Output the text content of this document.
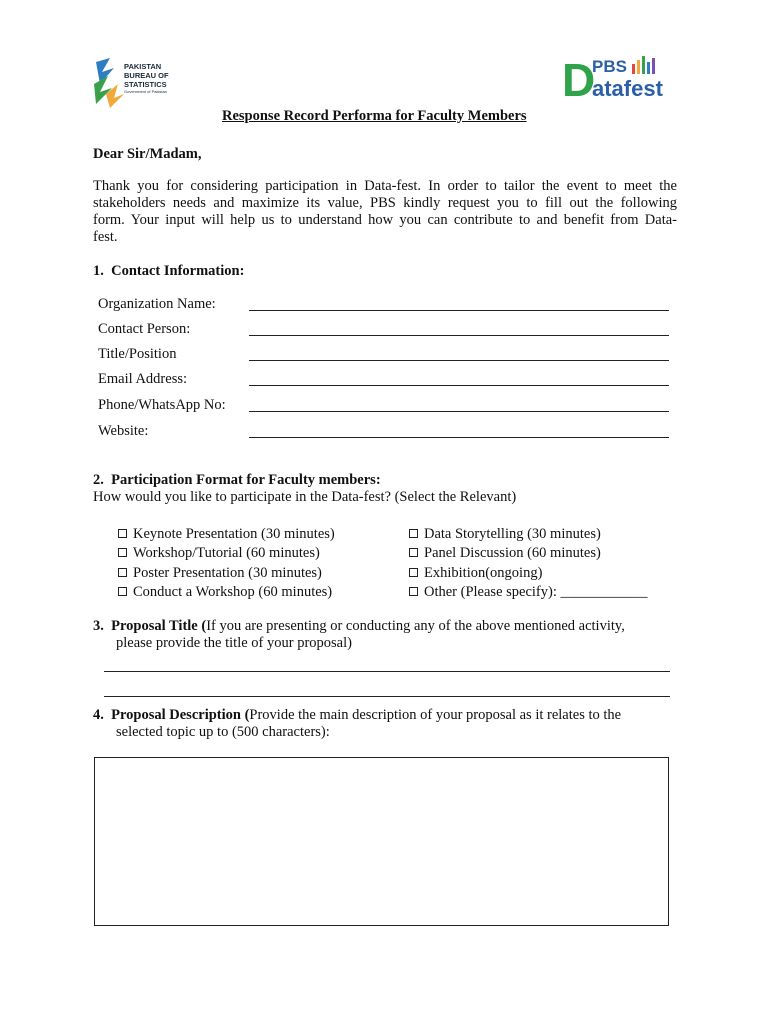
PAKISTAN
BUREAU OF
STATISTICS
Government of Pakistan	D
PBS
atafest
Response Record Performa for Faculty Members
Dear Sir/Madam,
Thank you for considering participation in Data-fest. In order to tailor the event to meet the
stakeholders needs and maximize its value, PBS kindly request you to fill out the following
form. Your input will help us to understand how you can contribute to and benefit from Data-
fest.
1.  Contact Information:
Organization Name:
Contact Person:
Title/Position
Email Address:
Phone/WhatsApp No:
Website:
2.  Participation Format for Faculty members:
How would you like to participate in the Data-fest? (Select the Relevant)
Keynote Presentation (30 minutes)
Workshop/Tutorial (60 minutes)
Poster Presentation (30 minutes)
Conduct a Workshop (60 minutes)
Data Storytelling (30 minutes)
Panel Discussion (60 minutes)
Exhibition(ongoing)
Other (Please specify): ____________
3. Proposal Title (If you are presenting or conducting any of the above mentioned activity,
please provide the title of your proposal)
4. Proposal Description (Provide the main description of your proposal as it relates to the
selected topic up to (500 characters):
